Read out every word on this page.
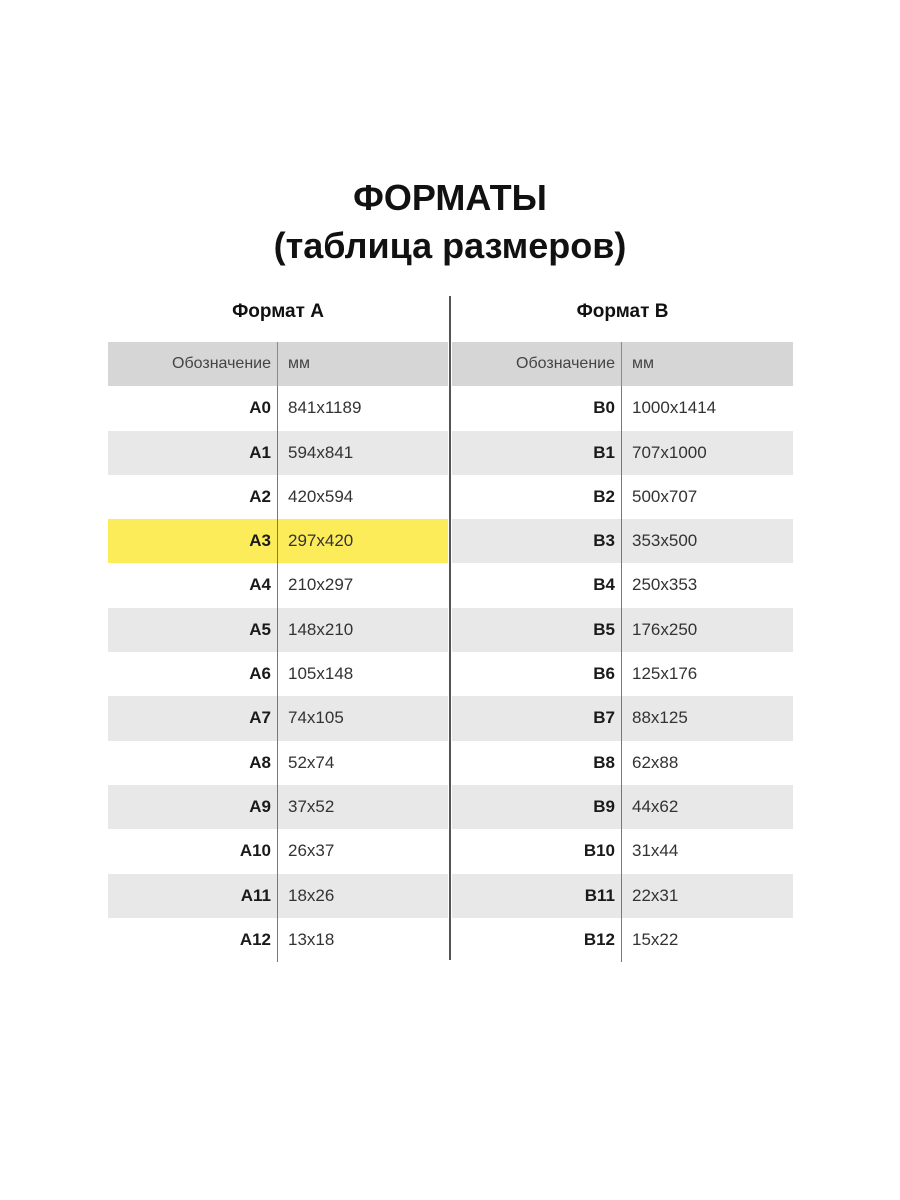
ФОРМАТЫ
(таблица размеров)
Формат А
Обозначение	мм
A0	841x1189
A1	594x841
A2	420x594
A3	297x420
A4	210x297
A5	148x210
A6	105x148
A7	74x105
A8	52x74
A9	37x52
A10	26x37
A11	18x26
A12	13x18
Формат В
Обозначение	мм
B0	1000x1414
B1	707x1000
B2	500x707
B3	353x500
B4	250x353
B5	176x250
B6	125x176
B7	88x125
B8	62x88
B9	44x62
B10	31x44
B11	22x31
B12	15x22
